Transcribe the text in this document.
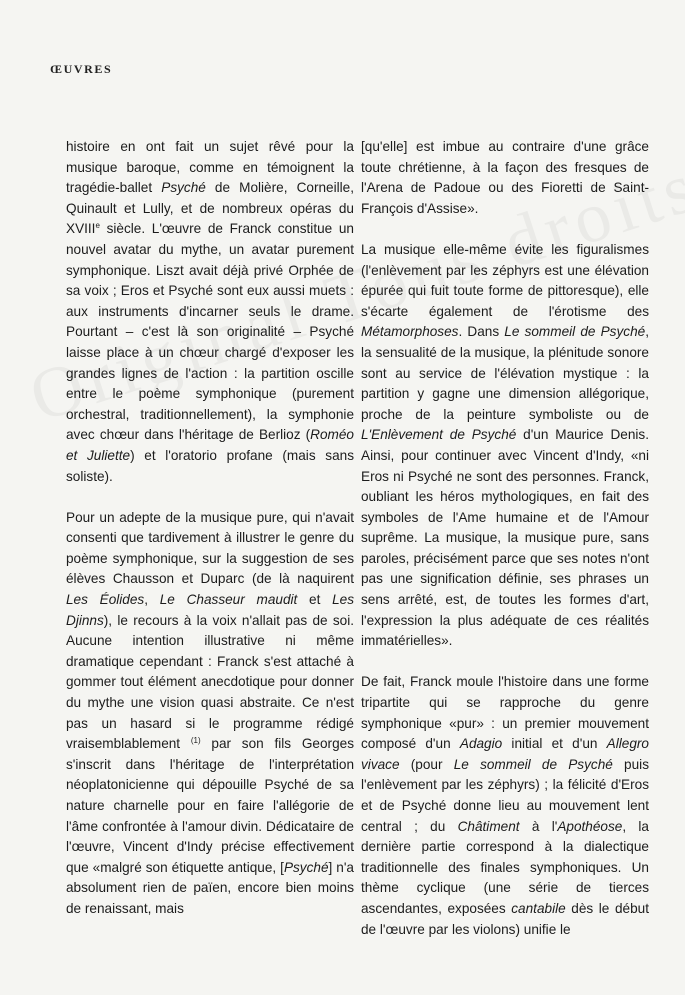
ŒUVRES

histoire en ont fait un sujet rêvé pour la musique baroque, comme en témoignent la tragédie-ballet Psyché de Molière, Corneille, Quinault et Lully, et de nombreux opéras du XVIIIe siècle. L'œuvre de Franck constitue un nouvel avatar du mythe, un avatar purement symphonique. Liszt avait déjà privé Orphée de sa voix ; Eros et Psyché sont eux aussi muets : aux instruments d'incarner seuls le drame. Pourtant – c'est là son originalité – Psyché laisse place à un chœur chargé d'exposer les grandes lignes de l'action : la partition oscille entre le poème symphonique (purement orchestral, traditionnellement), la symphonie avec chœur dans l'héritage de Berlioz (Roméo et Juliette) et l'oratorio profane (mais sans soliste).

Pour un adepte de la musique pure, qui n'avait consenti que tardivement à illustrer le genre du poème symphonique, sur la suggestion de ses élèves Chausson et Duparc (de là naquirent Les Éolides, Le Chasseur maudit et Les Djinns), le recours à la voix n'allait pas de soi. Aucune intention illustrative ni même dramatique cependant : Franck s'est attaché à gommer tout élément anecdotique pour donner du mythe une vision quasi abstraite. Ce n'est pas un hasard si le programme rédigé vraisemblablement $^{(1)}$ par son fils Georges s'inscrit dans l'héritage de l'interprétation néoplatonicienne qui dépouille Psyché de sa nature charnelle pour en faire l'allégorie de l'âme confrontée à l'amour divin. Dédicataire de l'œuvre, Vincent d'Indy précise effectivement que «malgré son étiquette antique, [Psyché] n'a absolument rien de païen, encore bien moins de renaissant, mais

[qu'elle] est imbue au contraire d'une grâce toute chrétienne, à la façon des fresques de l'Arena de Padoue ou des Fioretti de Saint-François d'Assise».

La musique elle-même évite les figuralismes (l'enlèvement par les zéphyrs est une élévation épurée qui fuit toute forme de pittoresque), elle s'écarte également de l'érotisme des Métamorphoses. Dans Le sommeil de Psyché, la sensualité de la musique, la plénitude sonore sont au service de l'élévation mystique : la partition y gagne une dimension allégorique, proche de la peinture symboliste ou de L'Enlèvement de Psyché d'un Maurice Denis. Ainsi, pour continuer avec Vincent d'Indy, «ni Eros ni Psyché ne sont des personnes. Franck, oubliant les héros mythologiques, en fait des symboles de l'Ame humaine et de l'Amour suprême. La musique, la musique pure, sans paroles, précisément parce que ses notes n'ont pas une signification définie, ses phrases un sens arrêté, est, de toutes les formes d'art, l'expression la plus adéquate de ces réalités immatérielles».

De fait, Franck moule l'histoire dans une forme tripartite qui se rapproche du genre symphonique «pur» : un premier mouvement composé d'un Adagio initial et d'un Allegro vivace (pour Le sommeil de Psyché puis l'enlèvement par les zéphyrs) ; la félicité d'Eros et de Psyché donne lieu au mouvement lent central ; du Châtiment à l'Apothéose, la dernière partie correspond à la dialectique traditionnelle des finales symphoniques. Un thème cyclique (une série de tierces ascendantes, exposées cantabile dès le début de l'œuvre par les violons) unifie le
